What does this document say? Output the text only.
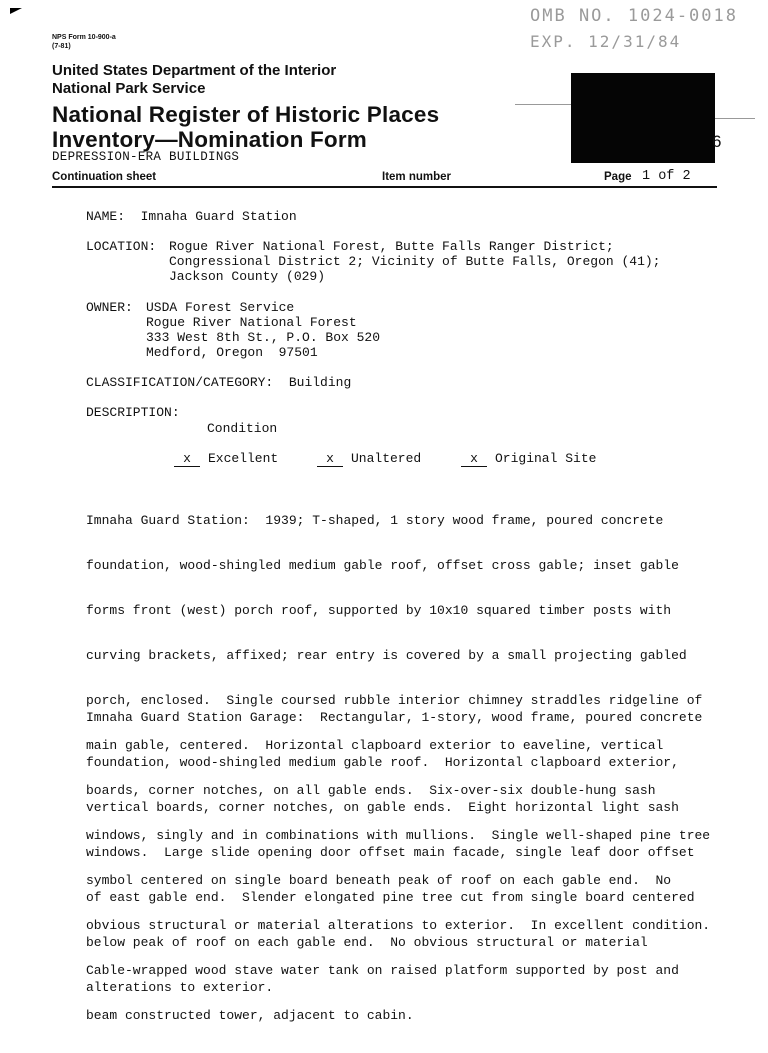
NPS Form 10-900-a
(7-81)
OMB NO. 1024-0018
EXP. 12/31/84
6
United States Department of the Interior
National Park Service
National Register of Historic Places
Inventory—Nomination Form
DEPRESSION-ERA BUILDINGS
Continuation sheet	Item number	Page 1 of 2
NAME: Imnaha Guard Station
LOCATION: Rogue River National Forest, Butte Falls Ranger District;
Congressional District 2; Vicinity of Butte Falls, Oregon (41);
Jackson County (029)
OWNER: USDA Forest Service
Rogue River National Forest
333 West 8th St., P.O. Box 520
Medford, Oregon  97501
CLASSIFICATION/CATEGORY: Building
DESCRIPTION:
Condition
x Excellent	x Unaltered	x Original Site

Imnaha Guard Station:  1939; T-shaped, 1 story wood frame, poured concrete

foundation, wood-shingled medium gable roof, offset cross gable; inset gable

forms front (west) porch roof, supported by 10x10 squared timber posts with

curving brackets, affixed; rear entry is covered by a small projecting gabled

porch, enclosed.  Single coursed rubble interior chimney straddles ridgeline of

main gable, centered.  Horizontal clapboard exterior to eaveline, vertical

boards, corner notches, on all gable ends.  Six-over-six double-hung sash

windows, singly and in combinations with mullions.  Single well-shaped pine tree

symbol centered on single board beneath peak of roof on each gable end.  No

obvious structural or material alterations to exterior.  In excellent condition.

Cable-wrapped wood stave water tank on raised platform supported by post and

beam constructed tower, adjacent to cabin.

Imnaha Guard Station Garage:  Rectangular, 1-story, wood frame, poured concrete

foundation, wood-shingled medium gable roof.  Horizontal clapboard exterior,

vertical boards, corner notches, on gable ends.  Eight horizontal light sash

windows.  Large slide opening door offset main facade, single leaf door offset

of east gable end.  Slender elongated pine tree cut from single board centered

below peak of roof on each gable end.  No obvious structural or material

alterations to exterior.
